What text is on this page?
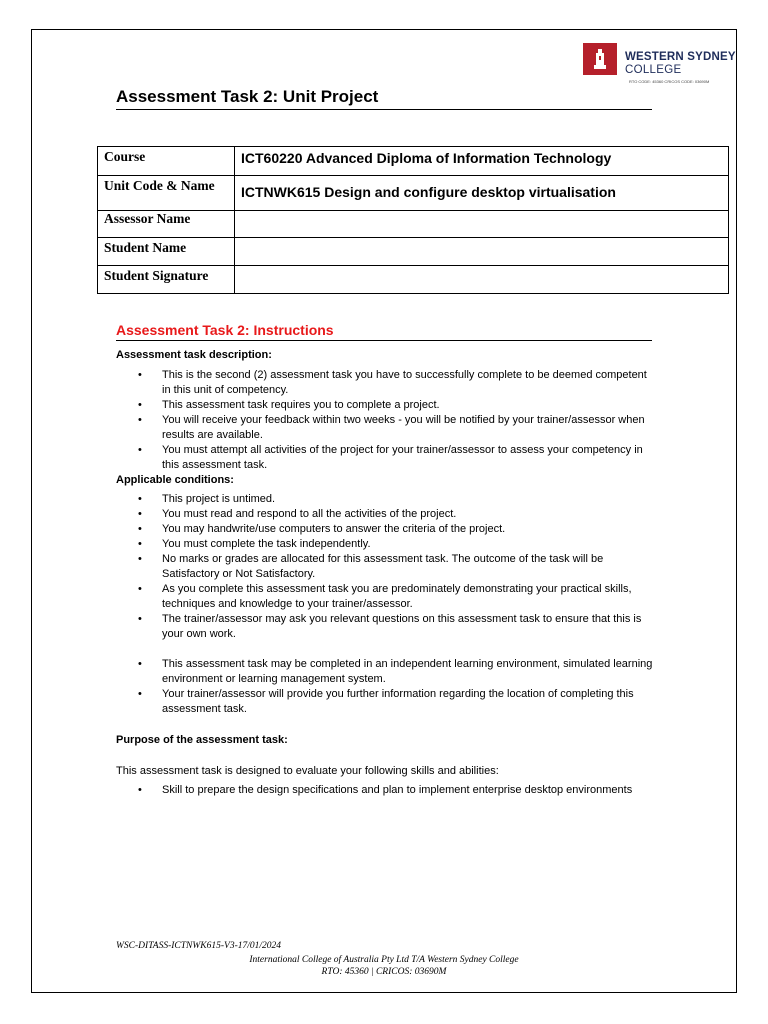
WESTERN SYDNEY
COLLEGE
RTO CODE: 45360 CRICOS CODE: 03690M
Assessment Task 2: Unit Project
Course	ICT60220 Advanced Diploma of Information Technology
Unit Code & Name	ICTNWK615 Design and configure desktop virtualisation
Assessor Name	
Student Name	
Student Signature	
Assessment Task 2: Instructions
Assessment task description:
• This is the second (2) assessment task you have to successfully complete to be deemed competent in this unit of competency.
• This assessment task requires you to complete a project.
• You will receive your feedback within two weeks - you will be notified by your trainer/assessor when results are available.
• You must attempt all activities of the project for your trainer/assessor to assess your competency in this assessment task.
Applicable conditions:
• This project is untimed.
• You must read and respond to all the activities of the project.
• You may handwrite/use computers to answer the criteria of the project.
• You must complete the task independently.
• No marks or grades are allocated for this assessment task. The outcome of the task will be Satisfactory or Not Satisfactory.
• As you complete this assessment task you are predominately demonstrating your practical skills, techniques and knowledge to your trainer/assessor.
• The trainer/assessor may ask you relevant questions on this assessment task to ensure that this is your own work.
• This assessment task may be completed in an independent learning environment, simulated learning environment or learning management system.
• Your trainer/assessor will provide you further information regarding the location of completing this assessment task.
Purpose of the assessment task:
This assessment task is designed to evaluate your following skills and abilities:
• Skill to prepare the design specifications and plan to implement enterprise desktop environments
WSC-DITASS-ICTNWK615-V3-17/01/2024
International College of Australia Pty Ltd T/A Western Sydney College
RTO: 45360 | CRICOS: 03690M
